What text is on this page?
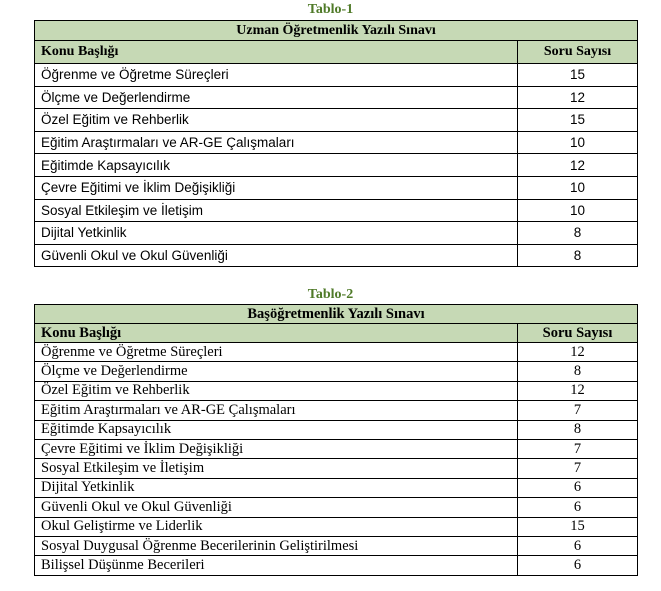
Tablo-1
Uzman Öğretmenlik Yazılı Sınavı	
Konu Başlığı	Soru Sayısı
Öğrenme ve Öğretme Süreçleri	15
Ölçme ve Değerlendirme	12
Özel Eğitim ve Rehberlik	15
Eğitim Araştırmaları ve AR-GE Çalışmaları	10
Eğitimde Kapsayıcılık	12
Çevre Eğitimi ve İklim Değişikliği	10
Sosyal Etkileşim ve İletişim	10
Dijital Yetkinlik	8
Güvenli Okul ve Okul Güvenliği	8
Tablo-2
Başöğretmenlik Yazılı Sınavı	
Konu Başlığı	Soru Sayısı
Öğrenme ve Öğretme Süreçleri	12
Ölçme ve Değerlendirme	8
Özel Eğitim ve Rehberlik	12
Eğitim Araştırmaları ve AR-GE Çalışmaları	7
Eğitimde Kapsayıcılık	8
Çevre Eğitimi ve İklim Değişikliği	7
Sosyal Etkileşim ve İletişim	7
Dijital Yetkinlik	6
Güvenli Okul ve Okul Güvenliği	6
Okul Geliştirme ve Liderlik	15
Sosyal Duygusal Öğrenme Becerilerinin Geliştirilmesi	6
Bilişsel Düşünme Becerileri	6
